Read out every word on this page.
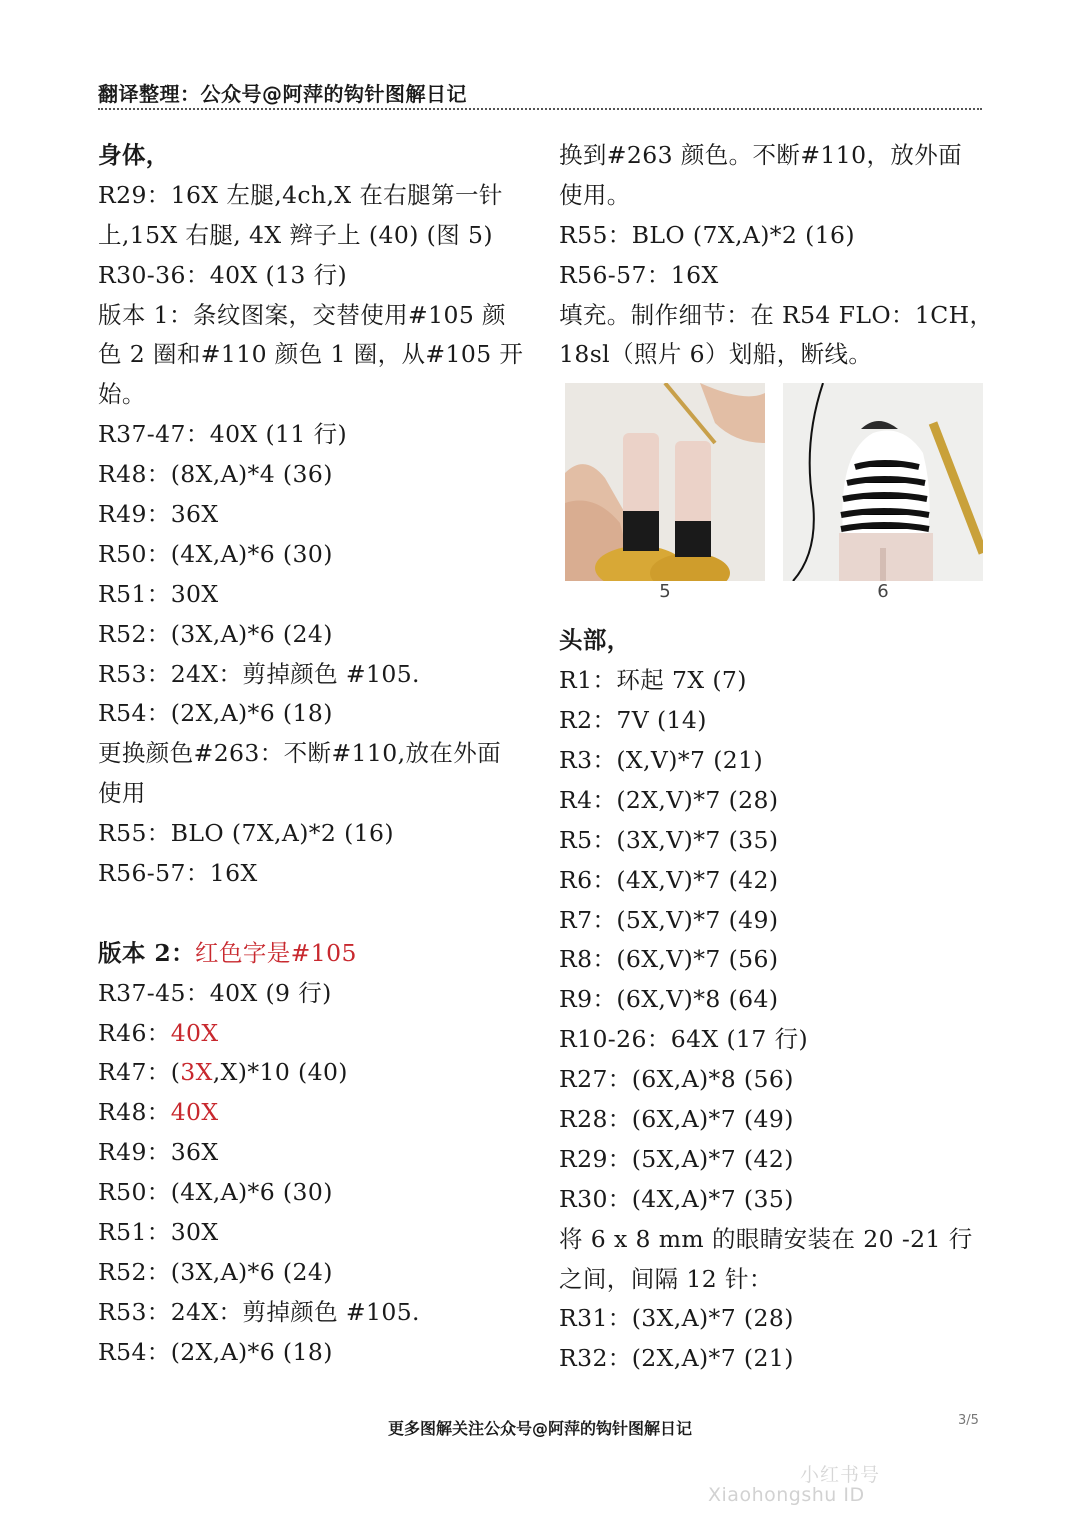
翻译整理：公众号@阿萍的钩针图解日记
身体，
R29：16X 左腿,4ch,X 在右腿第一针
上,15X 右腿, 4X 辫子上 (40) (图 5)
R30-36：40X (13 行)
版本 1：条纹图案，交替使用#105 颜
色 2 圈和#110 颜色 1 圈，从#105 开
始。
R37-47：40X (11 行)
R48：(8X,A)*4 (36)
R49：36X
R50：(4X,A)*6 (30)
R51：30X
R52：(3X,A)*6 (24)
R53：24X：剪掉颜色 #105.
R54：(2X,A)*6 (18)
更换颜色#263：不断#110,放在外面
使用
R55：BLO (7X,A)*2 (16)
R56-57：16X
版本 2：红色字是#105
R37-45：40X (9 行)
R46：40X
R47：(3X,X)*10 (40)
R48：40X
R49：36X
R50：(4X,A)*6 (30)
R51：30X
R52：(3X,A)*6 (24)
R53：24X：剪掉颜色 #105.
R54：(2X,A)*6 (18)
换到#263 颜色。不断#110，放外面
使用。
R55：BLO (7X,A)*2 (16)
R56-57：16X
填充。制作细节：在 R54 FLO：1CH，
18sl（照片 6）划船，断线。
5	6
头部，
R1：环起 7X (7)
R2：7V (14)
R3：(X,V)*7 (21)
R4：(2X,V)*7 (28)
R5：(3X,V)*7 (35)
R6：(4X,V)*7 (42)
R7：(5X,V)*7 (49)
R8：(6X,V)*7 (56)
R9：(6X,V)*8 (64)
R10-26：64X (17 行)
R27：(6X,A)*8 (56)
R28：(6X,A)*7 (49)
R29：(5X,A)*7 (42)
R30：(4X,A)*7 (35)
将 6 x 8 mm 的眼睛安装在 20 -21 行
之间，间隔 12 针：
R31：(3X,A)*7 (28)
R32：(2X,A)*7 (21)
更多图解关注公众号@阿萍的钩针图解日记	3/5
小红书号
Xiaohongshu ID
